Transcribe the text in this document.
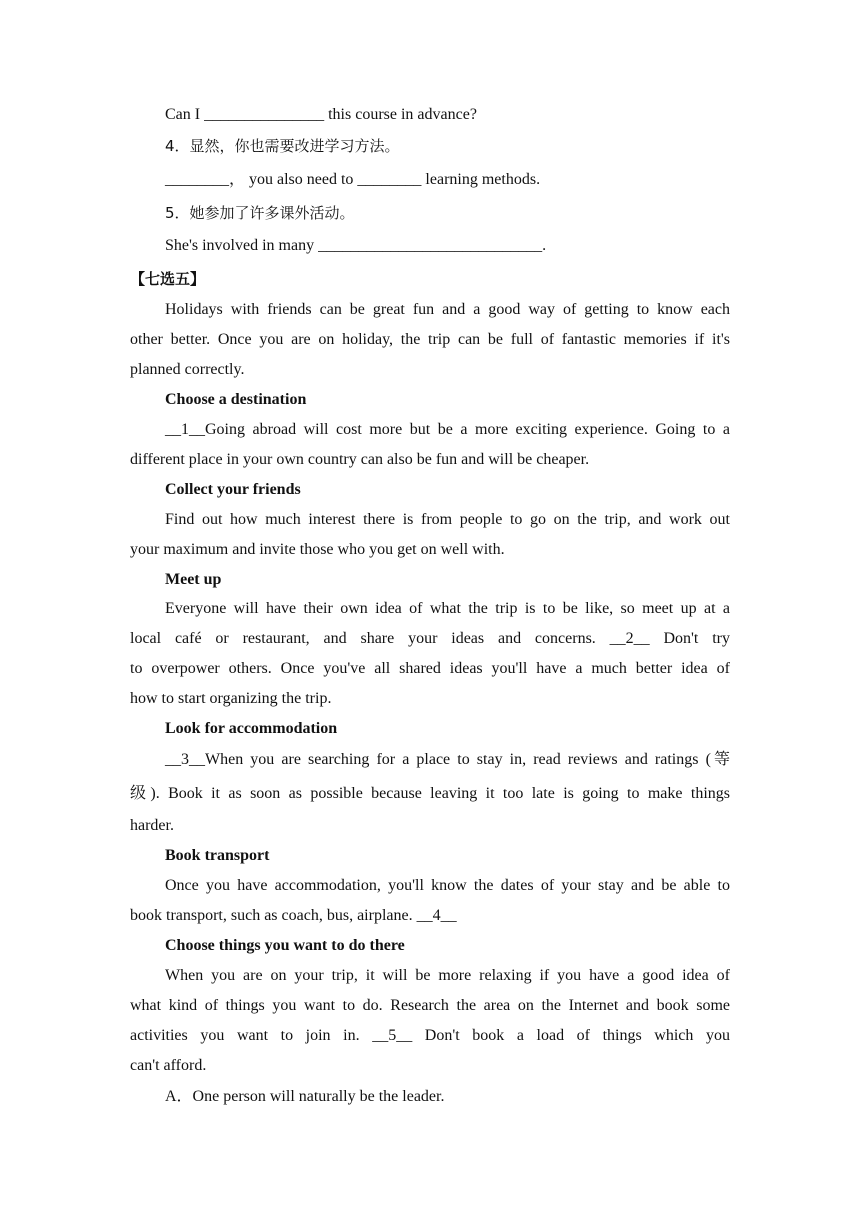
Can I _______________ this course in advance?
4．显然，你也需要改进学习方法。
________， you also need to ________ learning methods.
5．她参加了许多课外活动。
She's involved in many ____________________________.
【七选五】
Holidays with friends can be great fun and a good way of getting to know each
other better. Once you are on holiday, the trip can be full of fantastic memories if it's
planned correctly.
Choose a destination
__1__Going abroad will cost more but be a more exciting experience. Going to a
different place in your own country can also be fun and will be cheaper.
Collect your friends
Find out how much interest there is from people to go on the trip, and work out
your maximum and invite those who you get on well with.
Meet up
Everyone will have their own idea of what the trip is to be like, so meet up at a
local café or restaurant, and share your ideas and concerns. __2__ Don't try
to overpower others. Once you've all shared ideas you'll have a much better idea of
how to start organizing the trip.
Look for accommodation
__3__When you are searching for a place to stay in, read reviews and ratings (等
级). Book it as soon as possible because leaving it too late is going to make things
harder.
Book transport
Once you have accommodation, you'll know the dates of your stay and be able to
book transport, such as coach, bus, airplane. __4__
Choose things you want to do there
When you are on your trip, it will be more relaxing if you have a good idea of
what kind of things you want to do. Research the area on the Internet and book some
activities you want to join in. __5__ Don't book a load of things which you
can't afford.
A．One person will naturally be the leader.
